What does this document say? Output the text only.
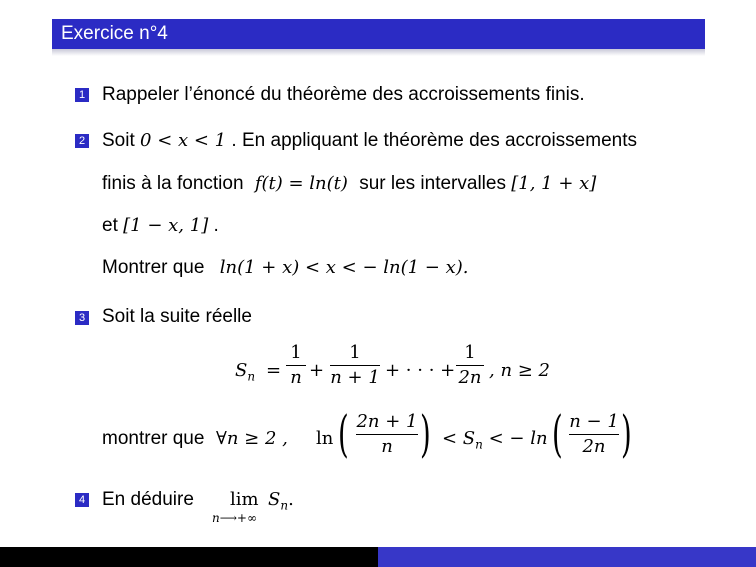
Exercice n°4
1 Rappeler l’énoncé du théorème des accroissements finis.
2 Soit 0 < x < 1 . En appliquant le théorème des accroissements
finis à la fonction f(t) = ln(t) sur les intervalles [1, 1 + x]
et [1 − x, 1] .
Montrer que ln(1 + x) < x < − ln(1 − x).
3 Soit la suite réelle
$S_n$ =
1
n +
1
n + 1 + · · · +
1
2n , n ≥ 2
montrer que ∀n ≥ 2 , ln ( 2n + 1
n ) < $S_n$ < − ln ( n − 1
2n )
4 En déduire lim
n⟶+∞
$S_n$.
